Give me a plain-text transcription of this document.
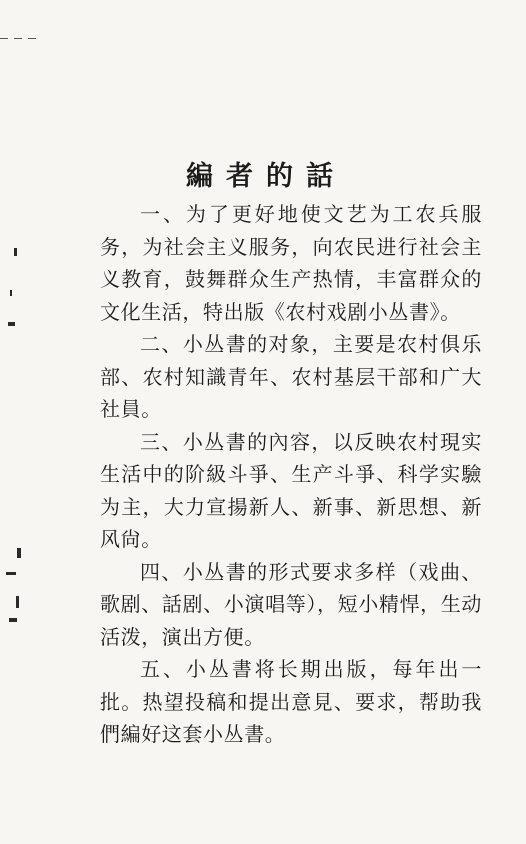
編者的話

一、为了更好地使文艺为工农兵服务，为社会主义服务，向农民进行社会主义教育，鼓舞群众生产热情，丰富群众的文化生活，特出版《农村戏剧小丛書》。

二、小丛書的对象，主要是农村俱乐部、农村知識青年、农村基层干部和广大社員。

三、小丛書的內容，以反映农村現实生活中的阶級斗爭、生产斗爭、科学实驗为主，大力宣揚新人、新事、新思想、新风尙。

四、小丛書的形式要求多样（戏曲、歌剧、話剧、小演唱等），短小精悍，生动活泼，演出方便。

五、小丛書将长期出版，每年出一批。热望投稿和提出意見、要求，帮助我們編好这套小丛書。
